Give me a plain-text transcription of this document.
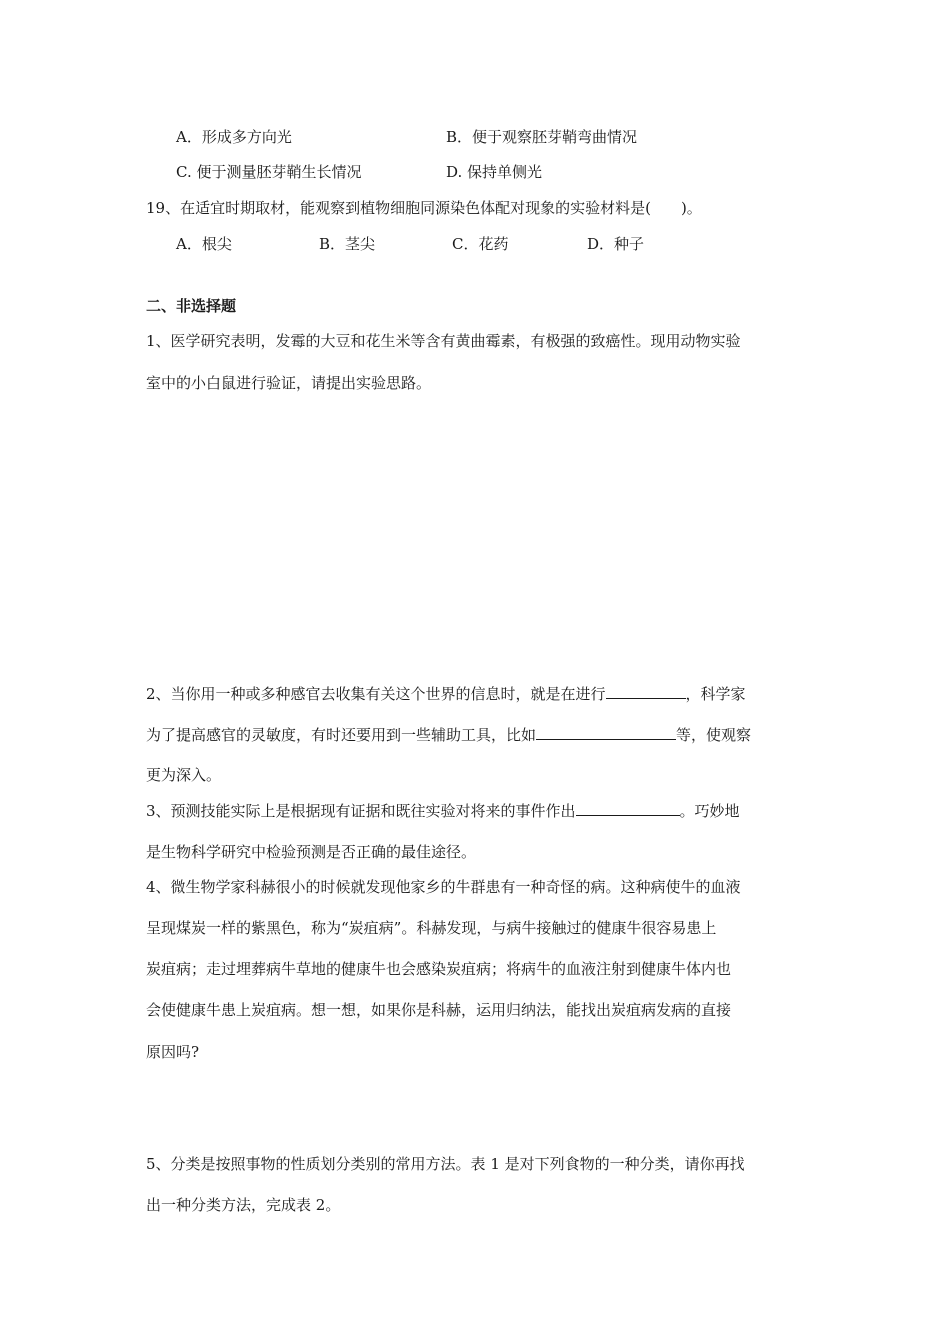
A．形成多方向光	B．便于观察胚芽鞘弯曲情况
C. 便于测量胚芽鞘生长情况	D. 保持单侧光
19、在适宜时期取材，能观察到植物细胞同源染色体配对现象的实验材料是(　　)。
A．根尖	B．茎尖	C．花药	D．种子
二、非选择题
1、医学研究表明，发霉的大豆和花生米等含有黄曲霉素，有极强的致癌性。现用动物实验
室中的小白鼠进行验证，请提出实验思路。
2、当你用一种或多种感官去收集有关这个世界的信息时，就是在进行	，科学家
为了提高感官的灵敏度，有时还要用到一些辅助工具，比如	等，使观察
更为深入。
3、预测技能实际上是根据现有证据和既往实验对将来的事件作出	。巧妙地
是生物科学研究中检验预测是否正确的最佳途径。
4、微生物学家科赫很小的时候就发现他家乡的牛群患有一种奇怪的病。这种病使牛的血液
呈现煤炭一样的紫黑色，称为“炭疽病”。科赫发现，与病牛接触过的健康牛很容易患上
炭疽病；走过埋葬病牛草地的健康牛也会感染炭疽病；将病牛的血液注射到健康牛体内也
会使健康牛患上炭疽病。想一想，如果你是科赫，运用归纳法，能找出炭疽病发病的直接
原因吗?
5、分类是按照事物的性质划分类别的常用方法。表 1 是对下列食物的一种分类，请你再找
出一种分类方法，完成表 2。
